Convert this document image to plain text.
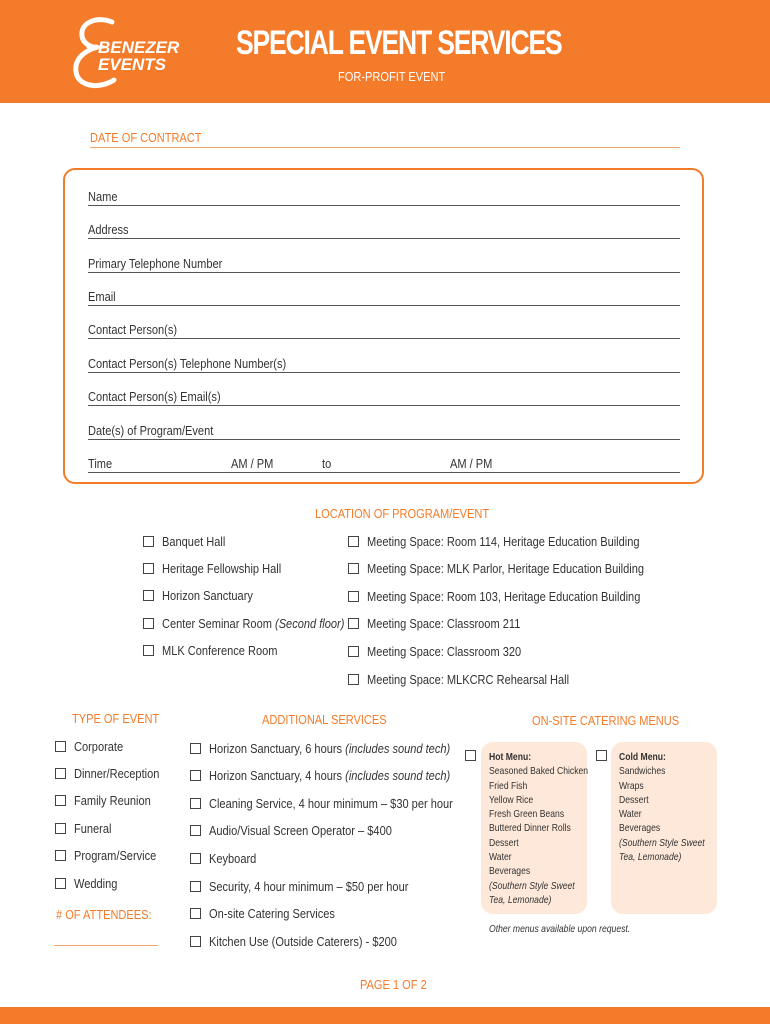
BENEZER
EVENTS
SPECIAL EVENT SERVICES
FOR-PROFIT EVENT
DATE OF CONTRACT
Name
Address
Primary Telephone Number
Email
Contact Person(s)
Contact Person(s) Telephone Number(s)
Contact Person(s) Email(s)
Date(s) of Program/Event
Time	AM / PM	to	AM / PM
LOCATION OF PROGRAM/EVENT
Banquet Hall
Heritage Fellowship Hall
Horizon Sanctuary
Center Seminar Room (Second floor)
MLK Conference Room
Meeting Space: Room 114, Heritage Education Building
Meeting Space: MLK Parlor, Heritage Education Building
Meeting Space: Room 103, Heritage Education Building
Meeting Space: Classroom 211
Meeting Space: Classroom 320
Meeting Space: MLKCRC Rehearsal Hall
TYPE OF EVENT
Corporate
Dinner/Reception
Family Reunion
Funeral
Program/Service
Wedding
# OF ATTENDEES:
ADDITIONAL SERVICES
Horizon Sanctuary, 6 hours (includes sound tech)
Horizon Sanctuary, 4 hours (includes sound tech)
Cleaning Service, 4 hour minimum – $30 per hour
Audio/Visual Screen Operator – $400
Keyboard
Security, 4 hour minimum – $50 per hour
On-site Catering Services
Kitchen Use (Outside Caterers) - $200
ON-SITE CATERING MENUS
Hot Menu:
Seasoned Baked Chicken
Fried Fish
Yellow Rice
Fresh Green Beans
Buttered Dinner Rolls
Dessert
Water
Beverages
(Southern Style Sweet
Tea, Lemonade)
Cold Menu:
Sandwiches
Wraps
Dessert
Water
Beverages
(Southern Style Sweet
Tea, Lemonade)
Other menus available upon request.
PAGE 1 OF 2
